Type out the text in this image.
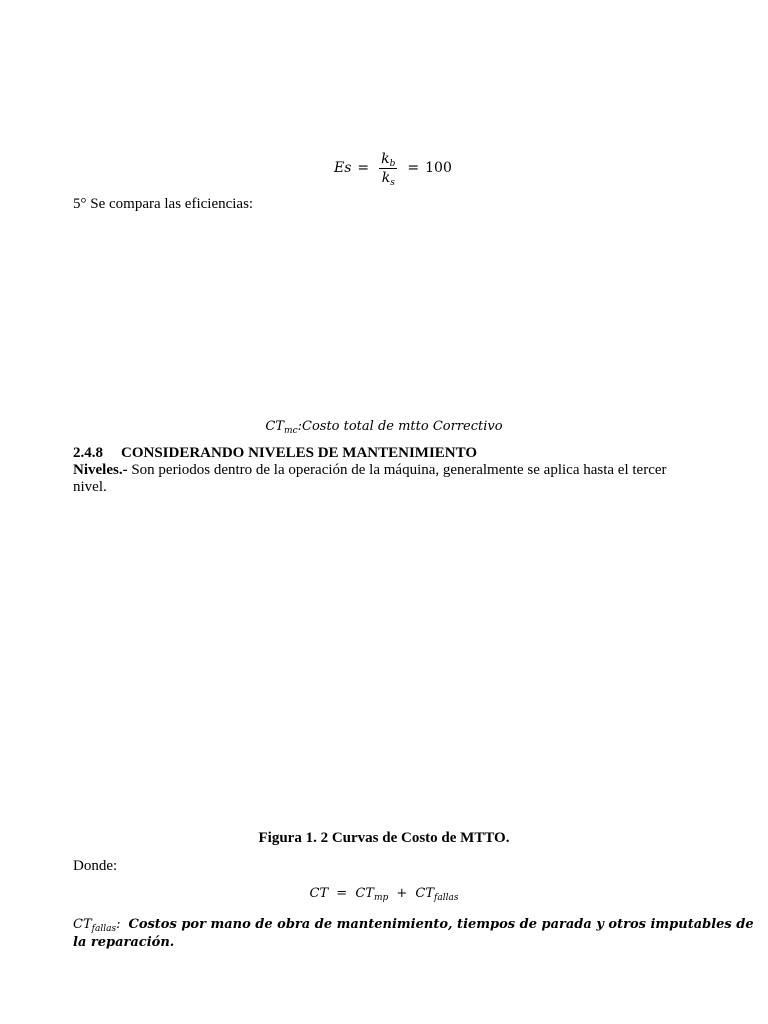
$Es = \frac{k_b}{k_s} = 100$
5° Se compara las eficiencias:
$CT_{mc}:Costo$ total de mtto Correctivo
2.4.8 CONSIDERANDO NIVELES DE MANTENIMIENTO
Niveles.- Son periodos dentro de la operación de la máquina, generalmente se aplica hasta el tercer
nivel.
Figura 1. 2 Curvas de Costo de MTTO.
Donde:
CT = $CT_{mp} + CT_{fallas}$
$CT_{fallas}$: Costos por mano de obra de mantenimiento, tiempos de parada y otros imputables de
la reparación.
